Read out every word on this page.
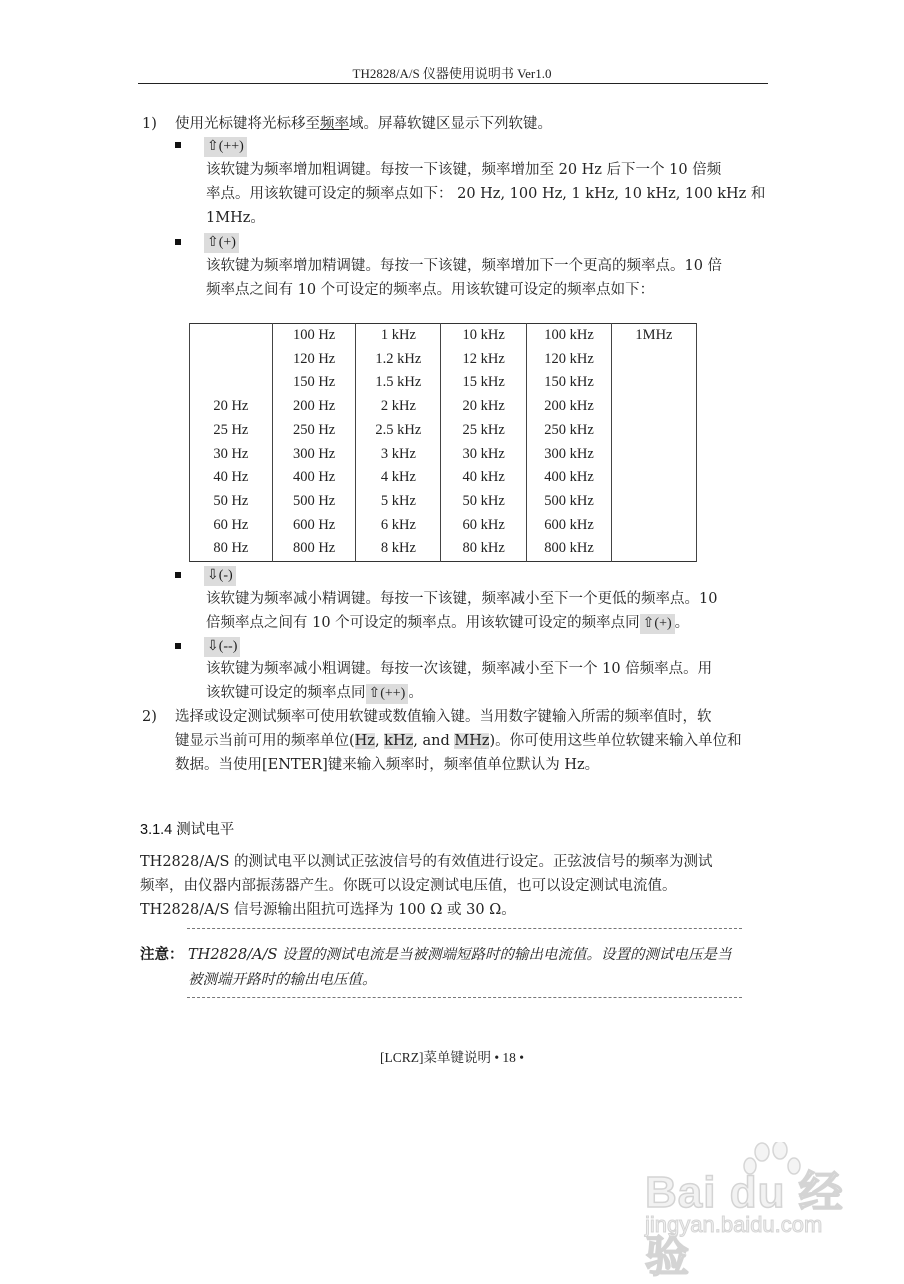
TH2828/A/S 仪器使用说明书 Ver1.0
1) 使用光标键将光标移至频率域。屏幕软键区显示下列软键。
⇧(++)
该软键为频率增加粗调键。每按一下该键，频率增加至 20 Hz 后下一个 10 倍频
率点。用该软键可设定的频率点如下： 20 Hz, 100 Hz, 1 kHz, 10 kHz, 100 kHz 和
1MHz。
⇧(+)
该软键为频率增加精调键。每按一下该键，频率增加下一个更高的频率点。10 倍
频率点之间有 10 个可设定的频率点。用该软键可设定的频率点如下：
	100 Hz	1 kHz	10 kHz	100 kHz	1MHz
	120 Hz	1.2 kHz	12 kHz	120 kHz	
	150 Hz	1.5 kHz	15 kHz	150 kHz	
20 Hz	200 Hz	2 kHz	20 kHz	200 kHz	
25 Hz	250 Hz	2.5 kHz	25 kHz	250 kHz	
30 Hz	300 Hz	3 kHz	30 kHz	300 kHz	
40 Hz	400 Hz	4 kHz	40 kHz	400 kHz	
50 Hz	500 Hz	5 kHz	50 kHz	500 kHz	
60 Hz	600 Hz	6 kHz	60 kHz	600 kHz	
80 Hz	800 Hz	8 kHz	80 kHz	800 kHz	
⇩(-)
该软键为频率减小精调键。每按一下该键，频率减小至下一个更低的频率点。10
倍频率点之间有 10 个可设定的频率点。用该软键可设定的频率点同 ⇧(+) 。
⇩(--)
该软键为频率减小粗调键。每按一次该键，频率减小至下一个 10 倍频率点。用
该软键可设定的频率点同 ⇧(++) 。
2) 选择或设定测试频率可使用软键或数值输入键。当用数字键输入所需的频率值时，软
键显示当前可用的频率单位(Hz, kHz, and MHz)。你可使用这些单位软键来输入单位和
数据。当使用[ENTER]键来输入频率时，频率值单位默认为 Hz。
3.1.4 测试电平
TH2828/A/S 的测试电平以测试正弦波信号的有效值进行设定。正弦波信号的频率为测试
频率，由仪器内部振荡器产生。你既可以设定测试电压值，也可以设定测试电流值。
TH2828/A/S 信号源输出阻抗可选择为 100 Ω 或 30 Ω。
注意： TH2828/A/S 设置的测试电流是当被测端短路时的输出电流值。设置的测试电压是当
被测端开路时的输出电压值。
[LCRZ]菜单键说明 • 18 •
Bai du 经验
jingyan.baidu.com
